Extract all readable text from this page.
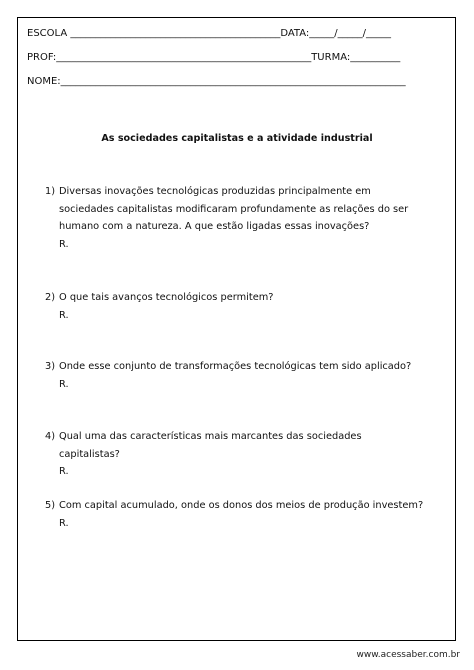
ESCOLA __________________________________________DATA:_____/_____/_____
PROF:___________________________________________________TURMA:__________
NOME:_____________________________________________________________________
As sociedades capitalistas e a atividade industrial
1) Diversas inovações tecnológicas produzidas principalmente em sociedades capitalistas modificaram profundamente as relações do ser humano com a natureza. A que estão ligadas essas inovações?
R.
2) O que tais avanços tecnológicos permitem?
R.
3) Onde esse conjunto de transformações tecnológicas tem sido aplicado?
R.
4) Qual uma das características mais marcantes das sociedades capitalistas?
R.
5) Com capital acumulado, onde os donos dos meios de produção investem?
R.
www.acessaber.com.br
